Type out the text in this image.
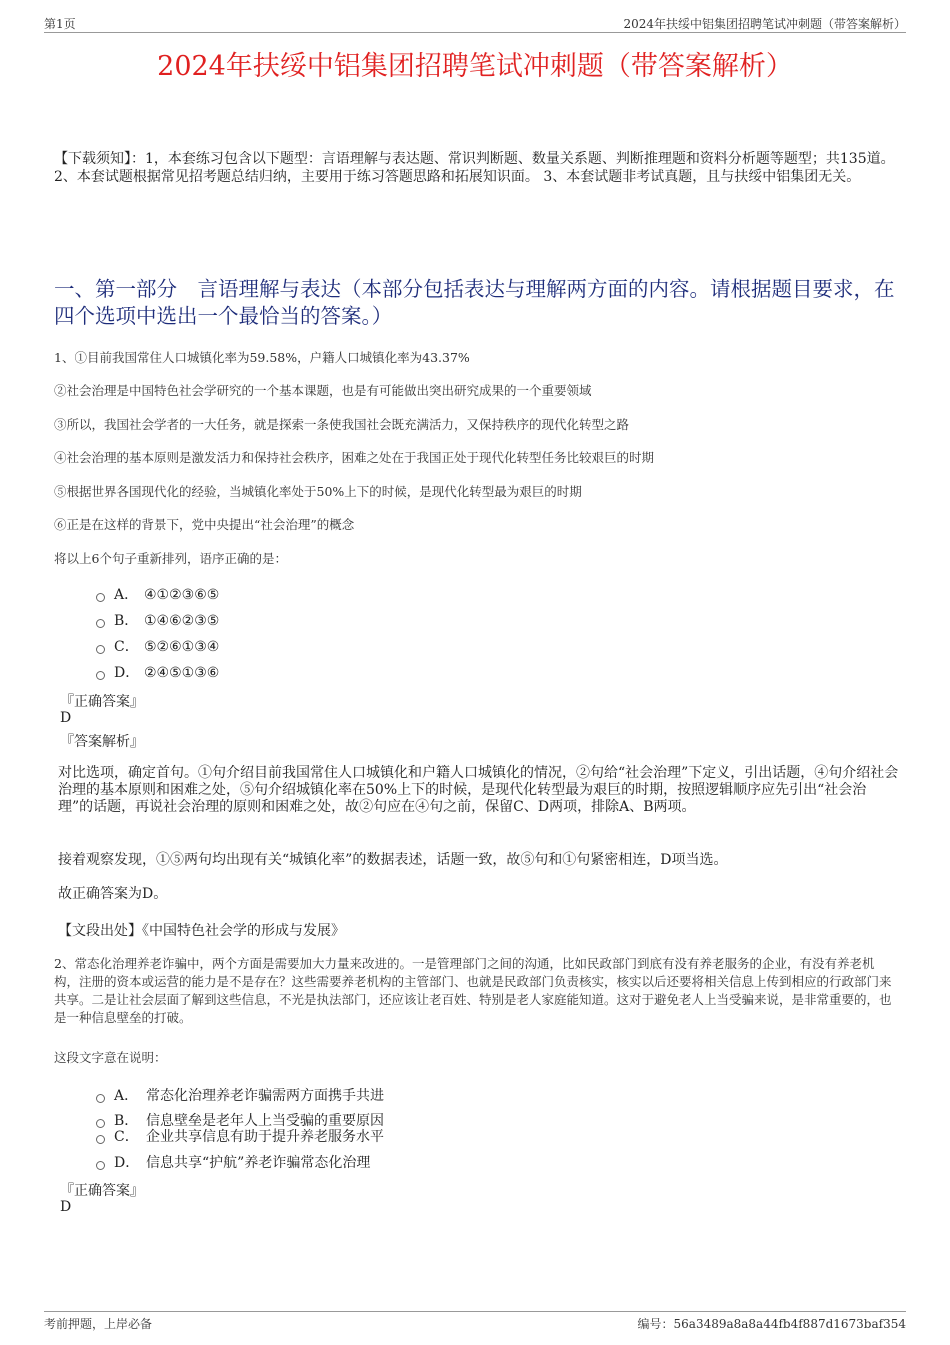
第1页	2024年扶绥中铝集团招聘笔试冲刺题（带答案解析）
2024年扶绥中铝集团招聘笔试冲刺题（带答案解析）
【下载须知】：1，本套练习包含以下题型：言语理解与表达题、常识判断题、数量关系题、判断推理题和资料分析题等题型；共135道。 2、本套试题根据常见招考题总结归纳，主要用于练习答题思路和拓展知识面。 3、本套试题非考试真题，且与扶绥中铝集团无关。
一、第一部分　言语理解与表达（本部分包括表达与理解两方面的内容。请根据题目要求，在四个选项中选出一个最恰当的答案。）
1、①目前我国常住人口城镇化率为59.58%，户籍人口城镇化率为43.37%
②社会治理是中国特色社会学研究的一个基本课题，也是有可能做出突出研究成果的一个重要领域
③所以，我国社会学者的一大任务，就是探索一条使我国社会既充满活力，又保持秩序的现代化转型之路
④社会治理的基本原则是激发活力和保持社会秩序，困难之处在于我国正处于现代化转型任务比较艰巨的时期
⑤根据世界各国现代化的经验，当城镇化率处于50%上下的时候，是现代化转型最为艰巨的时期
⑥正是在这样的背景下，党中央提出“社会治理”的概念
将以上6个句子重新排列，语序正确的是：
A． ④①②③⑥⑤
B． ①④⑥②③⑤
C． ⑤②⑥①③④
D． ②④⑤①③⑥
『正确答案』
D
『答案解析』
对比选项，确定首句。①句介绍目前我国常住人口城镇化和户籍人口城镇化的情况，②句给“社会治理”下定义，引出话题，④句介绍社会治理的基本原则和困难之处，⑤句介绍城镇化率在50%上下的时候，是现代化转型最为艰巨的时期，按照逻辑顺序应先引出“社会治理”的话题，再说社会治理的原则和困难之处，故②句应在④句之前，保留C、D两项，排除A、B两项。
接着观察发现，①⑤两句均出现有关“城镇化率”的数据表述，话题一致，故⑤句和①句紧密相连，D项当选。
故正确答案为D。
【文段出处】《中国特色社会学的形成与发展》
2、常态化治理养老诈骗中，两个方面是需要加大力量来改进的。一是管理部门之间的沟通，比如民政部门到底有没有养老服务的企业，有没有养老机构，注册的资本或运营的能力是不是存在？这些需要养老机构的主管部门、也就是民政部门负责核实，核实以后还要将相关信息上传到相应的行政部门来共享。二是让社会层面了解到这些信息，不光是执法部门，还应该让老百姓、特别是老人家庭能知道。这对于避免老人上当受骗来说，是非常重要的，也是一种信息壁垒的打破。
这段文字意在说明：
A． 常态化治理养老诈骗需两方面携手共进
B． 信息壁垒是老年人上当受骗的重要原因
C． 企业共享信息有助于提升养老服务水平
D． 信息共享“护航”养老诈骗常态化治理
『正确答案』
D
考前押题，上岸必备	编号：56a3489a8a8a44fb4f887d1673baf354
